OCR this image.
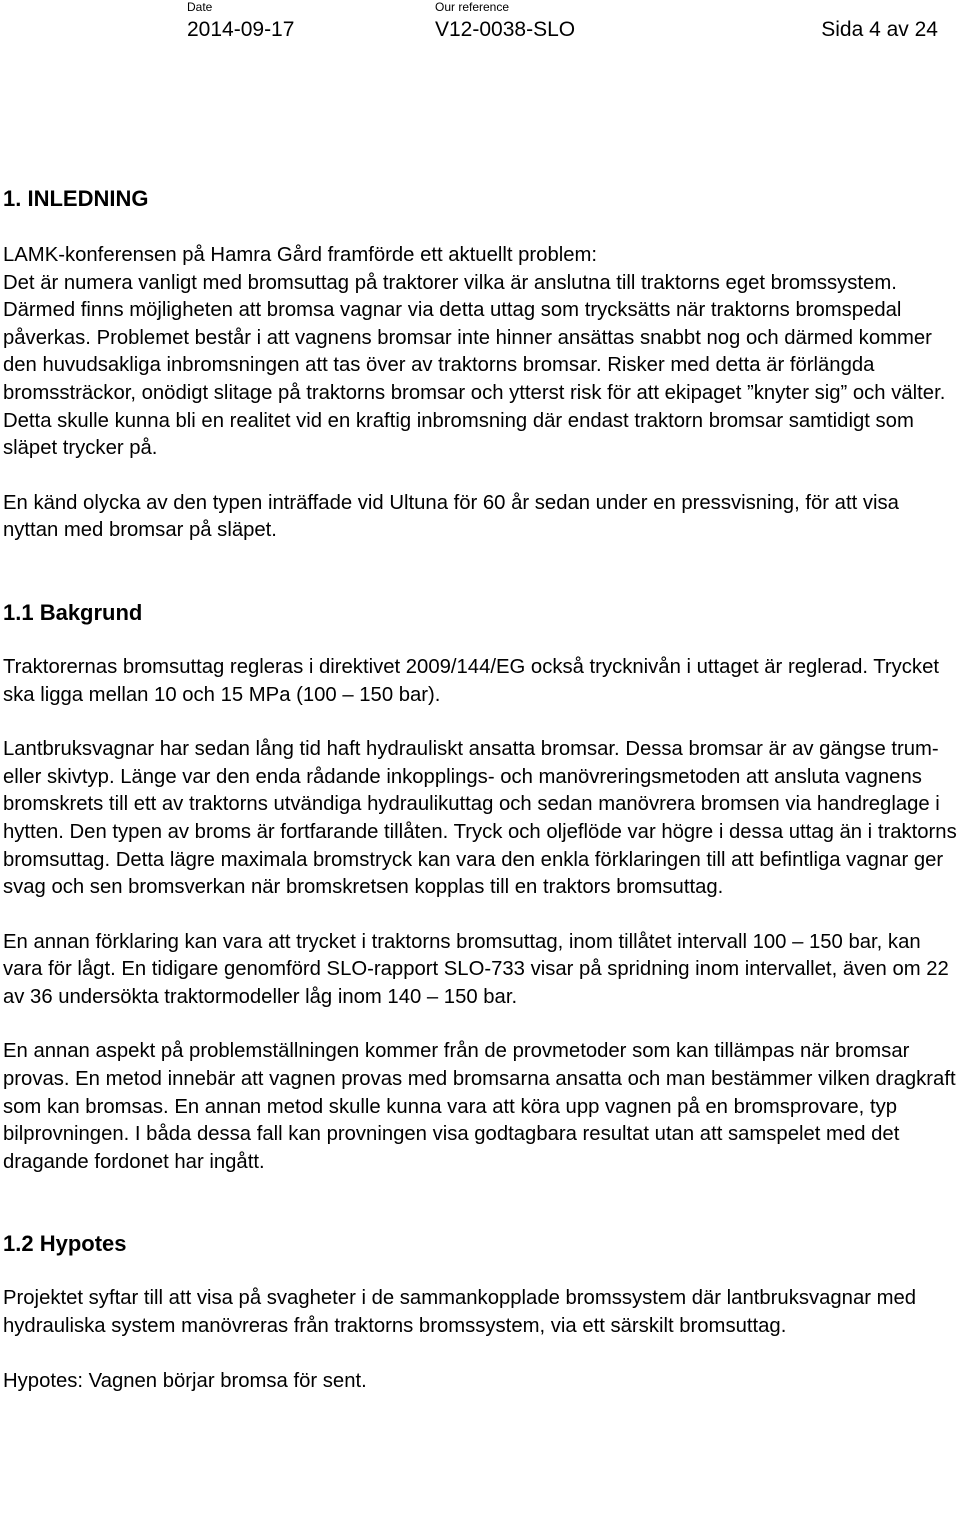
Date
2014-09-17
Our reference
V12-0038-SLO	Sida 4 av 24
1. INLEDNING

LAMK-konferensen på Hamra Gård framförde ett aktuellt problem:

Det är numera vanligt med bromsuttag på traktorer vilka är anslutna till traktorns eget bromssystem. Därmed finns möjligheten att bromsa vagnar via detta uttag som trycksätts när traktorns bromspedal påverkas. Problemet består i att vagnens bromsar inte hinner ansättas snabbt nog och därmed kommer den huvudsakliga inbromsningen att tas över av traktorns bromsar. Risker med detta är förlängda bromssträckor, onödigt slitage på traktorns bromsar och ytterst risk för att ekipaget ”knyter sig” och välter. Detta skulle kunna bli en realitet vid en kraftig inbromsning där endast traktorn bromsar samtidigt som släpet trycker på.

En känd olycka av den typen inträffade vid Ultuna för 60 år sedan under en pressvisning, för att visa nyttan med bromsar på släpet.

1.1 Bakgrund

Traktorernas bromsuttag regleras i direktivet 2009/144/EG också trycknivån i uttaget är reglerad. Trycket ska ligga mellan 10 och 15 MPa (100 – 150 bar).

Lantbruksvagnar har sedan lång tid haft hydrauliskt ansatta bromsar. Dessa bromsar är av gängse trum- eller skivtyp. Länge var den enda rådande inkopplings- och manövreringsmetoden att ansluta vagnens bromskrets till ett av traktorns utvändiga hydraulikuttag och sedan manövrera bromsen via handreglage i hytten. Den typen av broms är fortfarande tillåten. Tryck och oljeflöde var högre i dessa uttag än i traktorns bromsuttag. Detta lägre maximala bromstryck kan vara den enkla förklaringen till att befintliga vagnar ger svag och sen bromsverkan när bromskretsen kopplas till en traktors bromsuttag.

En annan förklaring kan vara att trycket i traktorns bromsuttag, inom tillåtet intervall 100 – 150 bar, kan vara för lågt. En tidigare genomförd SLO-rapport SLO-733 visar på spridning inom intervallet, även om 22 av 36 undersökta traktormodeller låg inom 140 – 150 bar.

En annan aspekt på problemställningen kommer från de provmetoder som kan tillämpas när bromsar provas. En metod innebär att vagnen provas med bromsarna ansatta och man bestämmer vilken dragkraft som kan bromsas. En annan metod skulle kunna vara att köra upp vagnen på en bromsprovare, typ bilprovningen. I båda dessa fall kan provningen visa godtagbara resultat utan att samspelet med det dragande fordonet har ingått.

1.2 Hypotes

Projektet syftar till att visa på svagheter i de sammankopplade bromssystem där lantbruksvagnar med hydrauliska system manövreras från traktorns bromssystem, via ett särskilt bromsuttag.

Hypotes: Vagnen börjar bromsa för sent.
